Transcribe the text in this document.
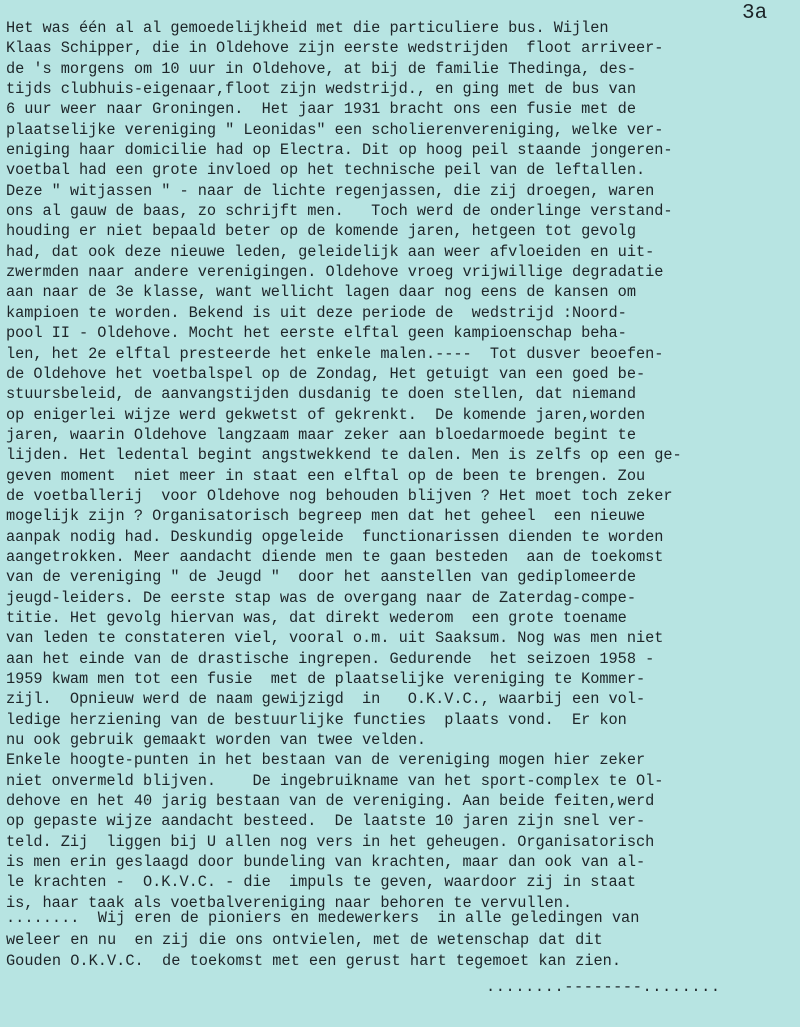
3a
Het was één al al gemoedelijkheid met die particuliere bus. Wijlen
Klaas Schipper, die in Oldehove zijn eerste wedstrijden  floot arriveer-
de 's morgens om 10 uur in Oldehove, at bij de familie Thedinga, des-
tijds clubhuis-eigenaar,floot zijn wedstrijd., en ging met de bus van
6 uur weer naar Groningen.  Het jaar 1931 bracht ons een fusie met de
plaatselijke vereniging " Leonidas" een scholierenvereniging, welke ver-
eniging haar domicilie had op Electra. Dit op hoog peil staande jongeren-
voetbal had een grote invloed op het technische peil van de leftallen.
Deze " witjassen " - naar de lichte regenjassen, die zij droegen, waren
ons al gauw de baas, zo schrijft men.   Toch werd de onderlinge verstand-
houding er niet bepaald beter op de komende jaren, hetgeen tot gevolg
had, dat ook deze nieuwe leden, geleidelijk aan weer afvloeiden en uit-
zwermden naar andere verenigingen. Oldehove vroeg vrijwillige degradatie
aan naar de 3e klasse, want wellicht lagen daar nog eens de kansen om
kampioen te worden. Bekend is uit deze periode de  wedstrijd :Noord-
pool II - Oldehove. Mocht het eerste elftal geen kampioenschap beha-
len, het 2e elftal presteerde het enkele malen.----  Tot dusver beoefen-
de Oldehove het voetbalspel op de Zondag, Het getuigt van een goed be-
stuursbeleid, de aanvangstijden dusdanig te doen stellen, dat niemand
op enigerlei wijze werd gekwetst of gekrenkt.  De komende jaren,worden
jaren, waarin Oldehove langzaam maar zeker aan bloedarmoede begint te
lijden. Het ledental begint angstwekkend te dalen. Men is zelfs op een ge-
geven moment  niet meer in staat een elftal op de been te brengen. Zou
de voetballerij  voor Oldehove nog behouden blijven ? Het moet toch zeker
mogelijk zijn ? Organisatorisch begreep men dat het geheel  een nieuwe
aanpak nodig had. Deskundig opgeleide  functionarissen dienden te worden
aangetrokken. Meer aandacht diende men te gaan besteden  aan de toekomst
van de vereniging " de Jeugd "  door het aanstellen van gediplomeerde
jeugd-leiders. De eerste stap was de overgang naar de Zaterdag-compe-
titie. Het gevolg hiervan was, dat direkt wederom  een grote toename
van leden te constateren viel, vooral o.m. uit Saaksum. Nog was men niet
aan het einde van de drastische ingrepen. Gedurende  het seizoen 1958 -
1959 kwam men tot een fusie  met de plaatselijke vereniging te Kommer-
zijl.  Opnieuw werd de naam gewijzigd  in   O.K.V.C., waarbij een vol-
ledige herziening van de bestuurlijke functies  plaats vond.  Er kon
nu ook gebruik gemaakt worden van twee velden.
Enkele hoogte-punten in het bestaan van de vereniging mogen hier zeker
niet onvermeld blijven.    De ingebruikname van het sport-complex te Ol-
dehove en het 40 jarig bestaan van de vereniging. Aan beide feiten,werd
op gepaste wijze aandacht besteed.  De laatste 10 jaren zijn snel ver-
teld. Zij  liggen bij U allen nog vers in het geheugen. Organisatorisch
is men erin geslaagd door bundeling van krachten, maar dan ook van al-
le krachten -  O.K.V.C. - die  impuls te geven, waardoor zij in staat
is, haar taak als voetbalvereniging naar behoren te vervullen.
........  Wij eren de pioniers en medewerkers  in alle geledingen van
weleer en nu  en zij die ons ontvielen, met de wetenschap dat dit
Gouden O.K.V.C.  de toekomst met een gerust hart tegemoet kan zien.
........--------........
